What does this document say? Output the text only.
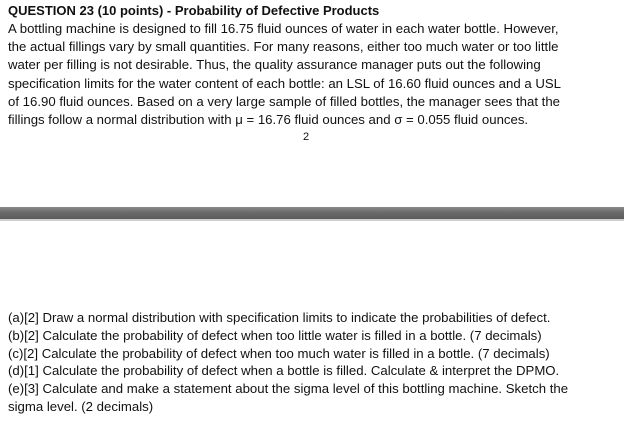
QUESTION 23 (10 points) - Probability of Defective Products

A bottling machine is designed to fill 16.75 fluid ounces of water in each water bottle. However,
the actual fillings vary by small quantities. For many reasons, either too much water or too little
water per filling is not desirable. Thus, the quality assurance manager puts out the following
specification limits for the water content of each bottle: an LSL of 16.60 fluid ounces and a USL
of 16.90 fluid ounces. Based on a very large sample of filled bottles, the manager sees that the
fillings follow a normal distribution with μ = 16.76 fluid ounces and σ = 0.055 fluid ounces.

2
(a)[2] Draw a normal distribution with specification limits to indicate the probabilities of defect.
(b)[2] Calculate the probability of defect when too little water is filled in a bottle. (7 decimals)
(c)[2] Calculate the probability of defect when too much water is filled in a bottle. (7 decimals)
(d)[1] Calculate the probability of defect when a bottle is filled. Calculate & interpret the DPMO.
(e)[3] Calculate and make a statement about the sigma level of this bottling machine. Sketch the
sigma level. (2 decimals)
